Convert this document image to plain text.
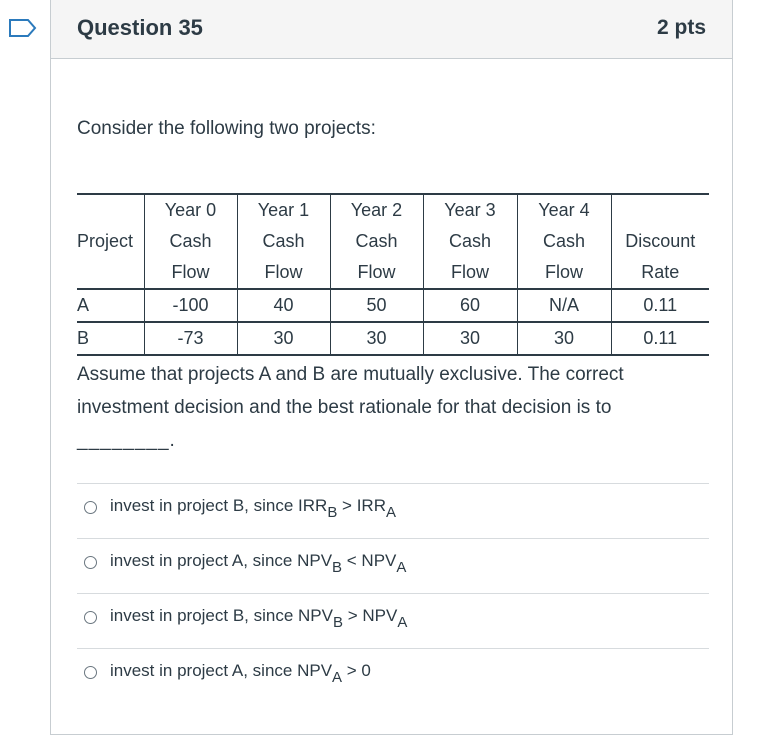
Question 35	2 pts
Consider the following two projects:
	Year 0	Year 1	Year 2	Year 3	Year 4	
Project	Cash	Cash	Cash	Cash	Cash	Discount
	Flow	Flow	Flow	Flow	Flow	Rate
A	-100	40	50	60	N/A	0.11
B	-73	30	30	30	30	0.11
Assume that projects A and B are mutually exclusive. The correct investment decision and the best rationale for that decision is to
________.
invest in project B, since $IRR_B > IRR_A$
invest in project A, since $NPV_B < NPV_A$
invest in project B, since $NPV_B > NPV_A$
invest in project A, since $NPV_A > 0$
